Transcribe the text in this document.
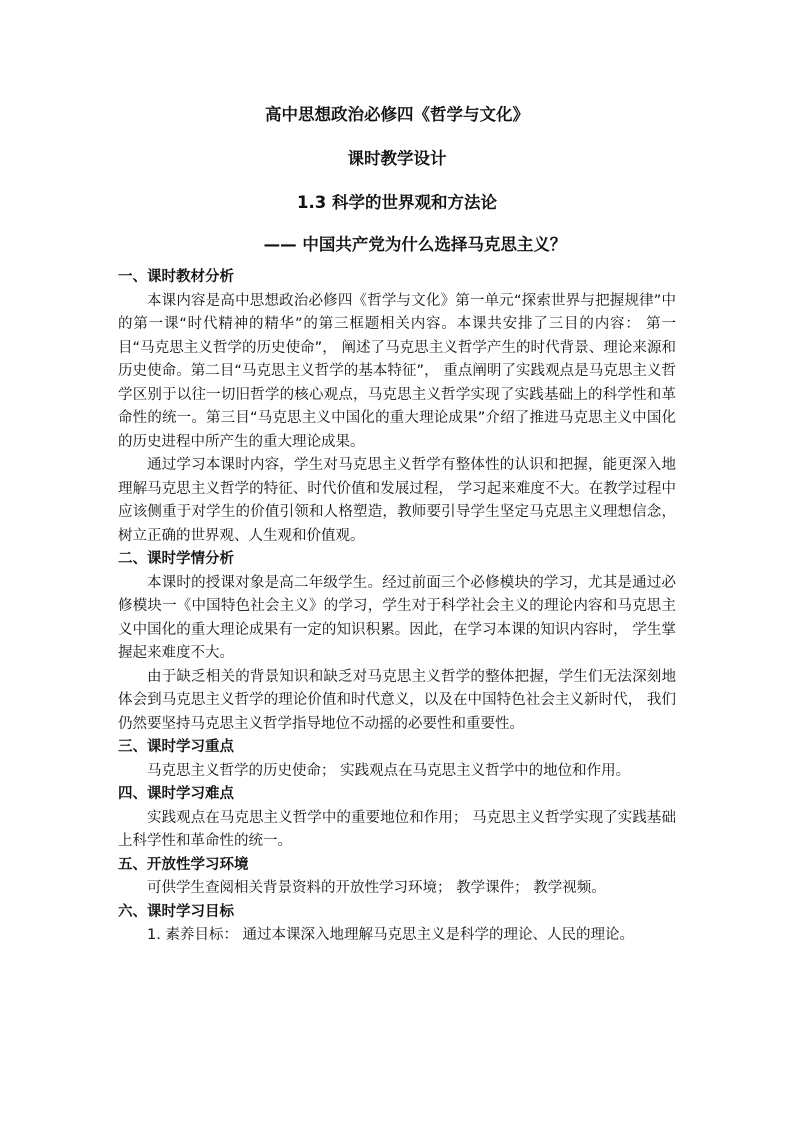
高中思想政治必修四《哲学与文化》

课时教学设计

1.3 科学的世界观和方法论

—— 中国共产党为什么选择马克思主义？

一、课时教材分析

本课内容是高中思想政治必修四《哲学与文化》第一单元“探索世界与把握规律”中的第一课“时代精神的精华”的第三框题相关内容。本课共安排了三目的内容： 第一目“马克思主义哲学的历史使命”， 阐述了马克思主义哲学产生的时代背景、理论来源和历史使命。第二目“马克思主义哲学的基本特征”， 重点阐明了实践观点是马克思主义哲学区别于以往一切旧哲学的核心观点，马克思主义哲学实现了实践基础上的科学性和革命性的统一。第三目“马克思主义中国化的重大理论成果”介绍了推进马克思主义中国化的历史进程中所产生的重大理论成果。

通过学习本课时内容，学生对马克思主义哲学有整体性的认识和把握，能更深入地理解马克思主义哲学的特征、时代价值和发展过程， 学习起来难度不大。在教学过程中应该侧重于对学生的价值引领和人格塑造，教师要引导学生坚定马克思主义理想信念， 树立正确的世界观、人生观和价值观。

二、课时学情分析

本课时的授课对象是高二年级学生。经过前面三个必修模块的学习，尤其是通过必修模块一《中国特色社会主义》的学习，学生对于科学社会主义的理论内容和马克思主义中国化的重大理论成果有一定的知识积累。因此，在学习本课的知识内容时， 学生掌握起来难度不大。

由于缺乏相关的背景知识和缺乏对马克思主义哲学的整体把握，学生们无法深刻地体会到马克思主义哲学的理论价值和时代意义，以及在中国特色社会主义新时代， 我们仍然要坚持马克思主义哲学指导地位不动摇的必要性和重要性。

三、课时学习重点

马克思主义哲学的历史使命； 实践观点在马克思主义哲学中的地位和作用。

四、课时学习难点

实践观点在马克思主义哲学中的重要地位和作用； 马克思主义哲学实现了实践基础上科学性和革命性的统一。

五、开放性学习环境

可供学生查阅相关背景资料的开放性学习环境； 教学课件； 教学视频。

六、课时学习目标

1. 素养目标： 通过本课深入地理解马克思主义是科学的理论、人民的理论。
